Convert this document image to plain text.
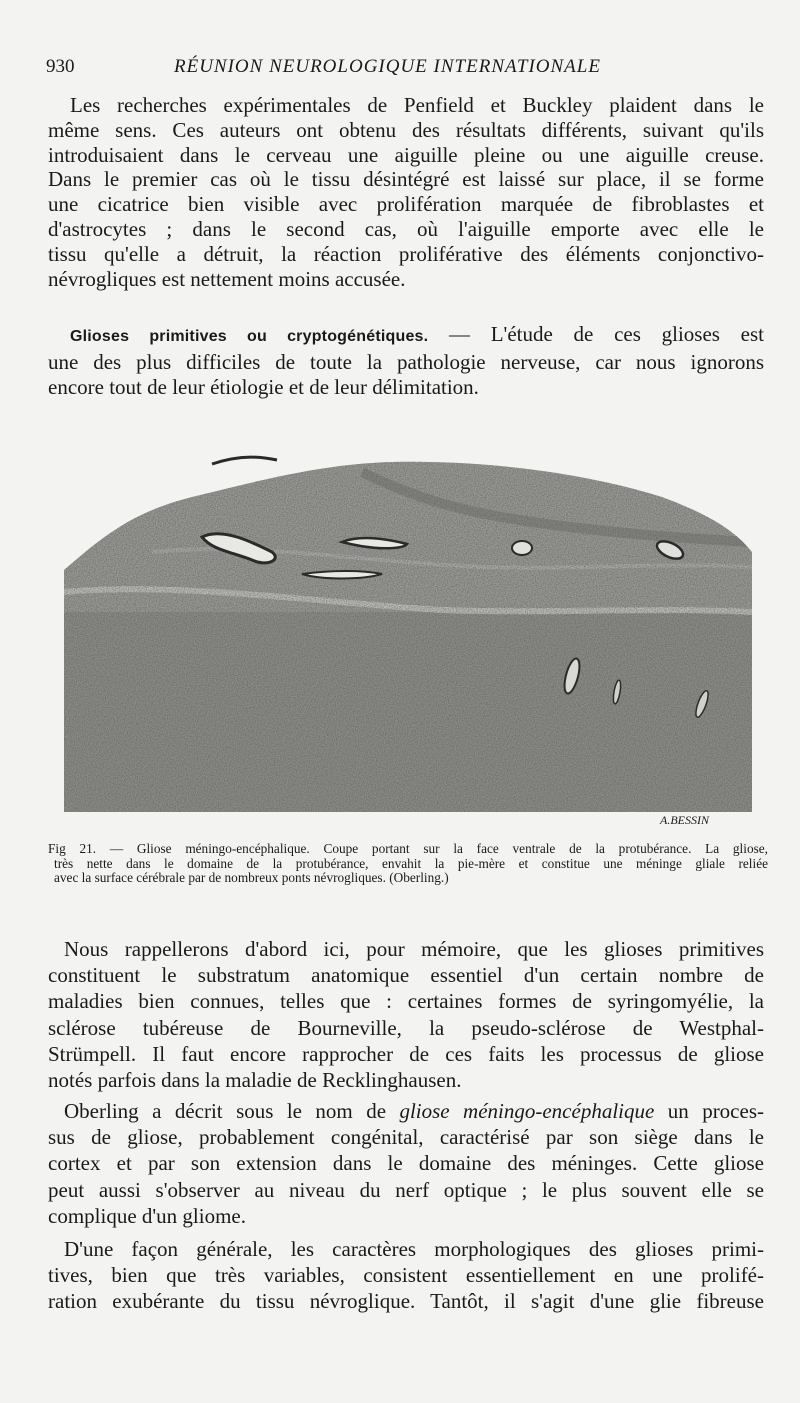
930	RÉUNION NEUROLOGIQUE INTERNATIONALE
Les recherches expérimentales de Penfield et Buckley plaident dans le
même sens. Ces auteurs ont obtenu des résultats différents, suivant qu'ils
introduisaient dans le cerveau une aiguille pleine ou une aiguille creuse.
Dans le premier cas où le tissu désintégré est laissé sur place, il se forme
une cicatrice bien visible avec prolifération marquée de fibroblastes et
d'astrocytes ; dans le second cas, où l'aiguille emporte avec elle le
tissu qu'elle a détruit, la réaction proliférative des éléments conjonctivo-
névrogliques est nettement moins accusée.
Glioses primitives ou cryptogénétiques. — L'étude de ces glioses est
une des plus difficiles de toute la pathologie nerveuse, car nous ignorons
encore tout de leur étiologie et de leur délimitation.
A.BESSIN
Fig 21. — Gliose méningo-encéphalique. Coupe portant sur la face ventrale de la protubérance. La gliose,
très nette dans le domaine de la protubérance, envahit la pie-mère et constitue une méninge gliale reliée
avec la surface cérébrale par de nombreux ponts névrogliques. (Oberling.)
Nous rappellerons d'abord ici, pour mémoire, que les glioses primitives
constituent le substratum anatomique essentiel d'un certain nombre de
maladies bien connues, telles que : certaines formes de syringomyélie, la
sclérose tubéreuse de Bourneville, la pseudo-sclérose de Westphal-
Strümpell. Il faut encore rapprocher de ces faits les processus de gliose
notés parfois dans la maladie de Recklinghausen.
Oberling a décrit sous le nom de gliose méningo-encéphalique un proces-
sus de gliose, probablement congénital, caractérisé par son siège dans le
cortex et par son extension dans le domaine des méninges. Cette gliose
peut aussi s'observer au niveau du nerf optique ; le plus souvent elle se
complique d'un gliome.
D'une façon générale, les caractères morphologiques des glioses primi-
tives, bien que très variables, consistent essentiellement en une prolifé-
ration exubérante du tissu névroglique. Tantôt, il s'agit d'une glie fibreuse
